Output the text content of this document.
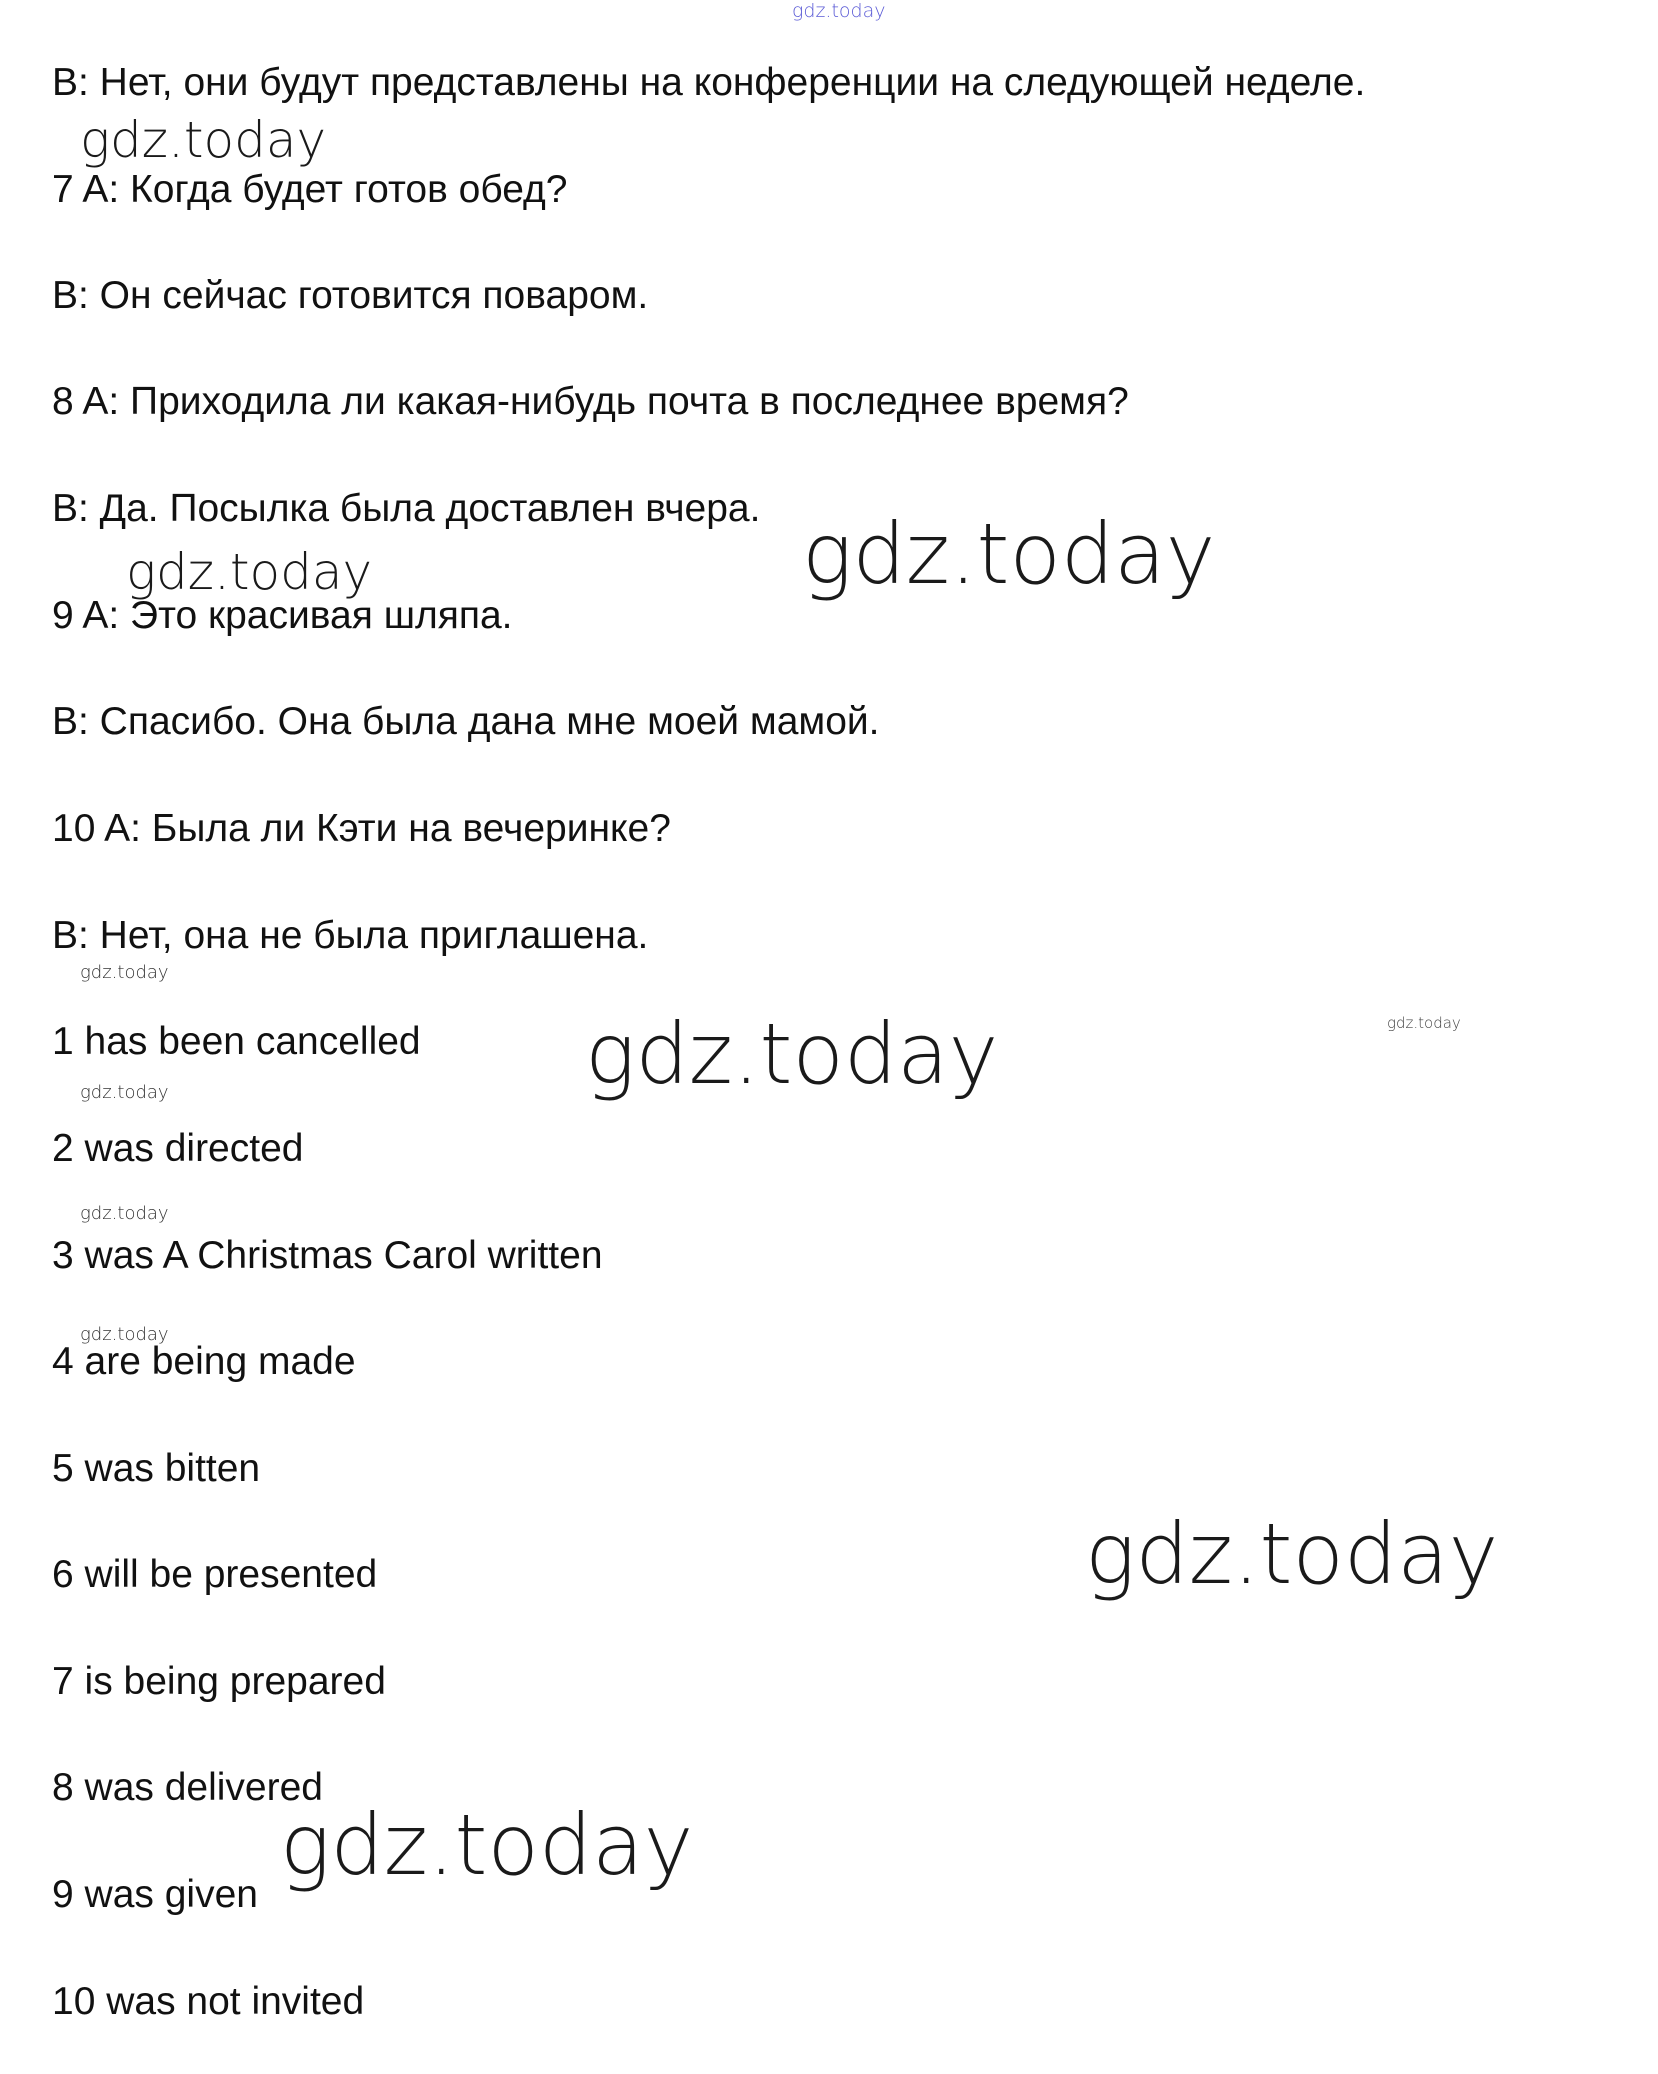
gdz.today
gdz.today
gdz.today	gdz.today
gdz.today
gdz.today
gdz.today
gdz.today
gdz.today
gdz.today
gdz.today
gdz.today
B: Нет, они будут представлены на конференции на следующей неделе.
7 A: Когда будет готов обед?
B: Он сейчас готовится поваром.
8 A: Приходила ли какая-нибудь почта в последнее время?
B: Да. Посылка была доставлен вчера.
9 A: Это красивая шляпа.
B: Спасибо. Она была дана мне моей мамой.
10 A: Была ли Кэти на вечеринке?
B: Нет, она не была приглашена.
1 has been cancelled
2 was directed
3 was A Christmas Carol written
4 are being made
5 was bitten
6 will be presented
7 is being prepared
8 was delivered
9 was given
10 was not invited
